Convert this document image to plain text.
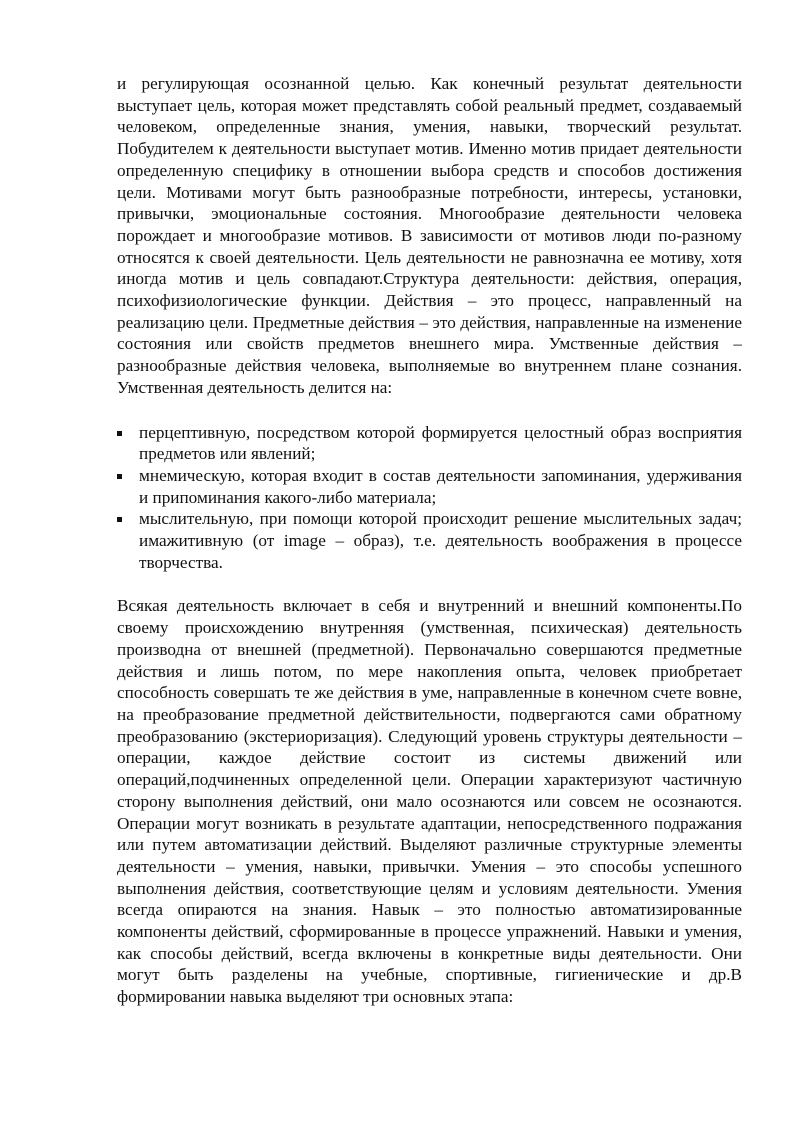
и регулирующая осознанной целью. Как конечный результат деятельности выступает цель, которая может представлять собой реальный предмет, создаваемый человеком, определенные знания, умения, навыки, творческий результат. Побудителем к деятельности выступает мотив. Именно мотив придает деятельности определенную специфику в отношении выбора средств и способов достижения цели. Мотивами могут быть разнообразные потребности, интересы, установки, привычки, эмоциональные состояния. Многообразие деятельности человека порождает и многообразие мотивов. В зависимости от мотивов люди по-разному относятся к своей деятельности. Цель деятельности не равнозначна ее мотиву, хотя иногда мотив и цель совпадают.Структура деятельности: действия, операция, психофизиологические функции. Действия – это процесс, направленный на реализацию цели. Предметные действия – это действия, направленные на изменение состояния или свойств предметов внешнего мира. Умственные действия – разнообразные действия человека, выполняемые во внутреннем плане сознания. Умственная деятельность делится на:

перцептивную, посредством которой формируется целостный образ восприятия предметов или явлений;
мнемическую, которая входит в состав деятельности запоминания, удерживания и припоминания какого-либо материала;
мыслительную, при помощи которой происходит решение мыслительных задач; имажитивную (от image – образ), т.е. деятельность воображения в процессе творчества.

Всякая деятельность включает в себя и внутренний и внешний компоненты.По своему происхождению внутренняя (умственная, психическая) деятельность производна от внешней (предметной). Первоначально совершаются предметные действия и лишь потом, по мере накопления опыта, человек приобретает способность совершать те же действия в уме, направленные в конечном счете вовне, на преобразование предметной действительности, подвергаются сами обратному преобразованию (экстериоризация). Следующий уровень структуры деятельности – операции, каждое действие состоит из системы движений или операций,подчиненных определенной цели. Операции характеризуют частичную сторону выполнения действий, они мало осознаются или совсем не осознаются. Операции могут возникать в результате адаптации, непосредственного подражания или путем автоматизации действий. Выделяют различные структурные элементы деятельности – умения, навыки, привычки. Умения – это способы успешного выполнения действия, соответствующие целям и условиям деятельности. Умения всегда опираются на знания. Навык – это полностью автоматизированные компоненты действий, сформированные в процессе упражнений. Навыки и умения, как способы действий, всегда включены в конкретные виды деятельности. Они могут быть разделены на учебные, спортивные, гигиенические и др.В формировании навыка выделяют три основных этапа:
